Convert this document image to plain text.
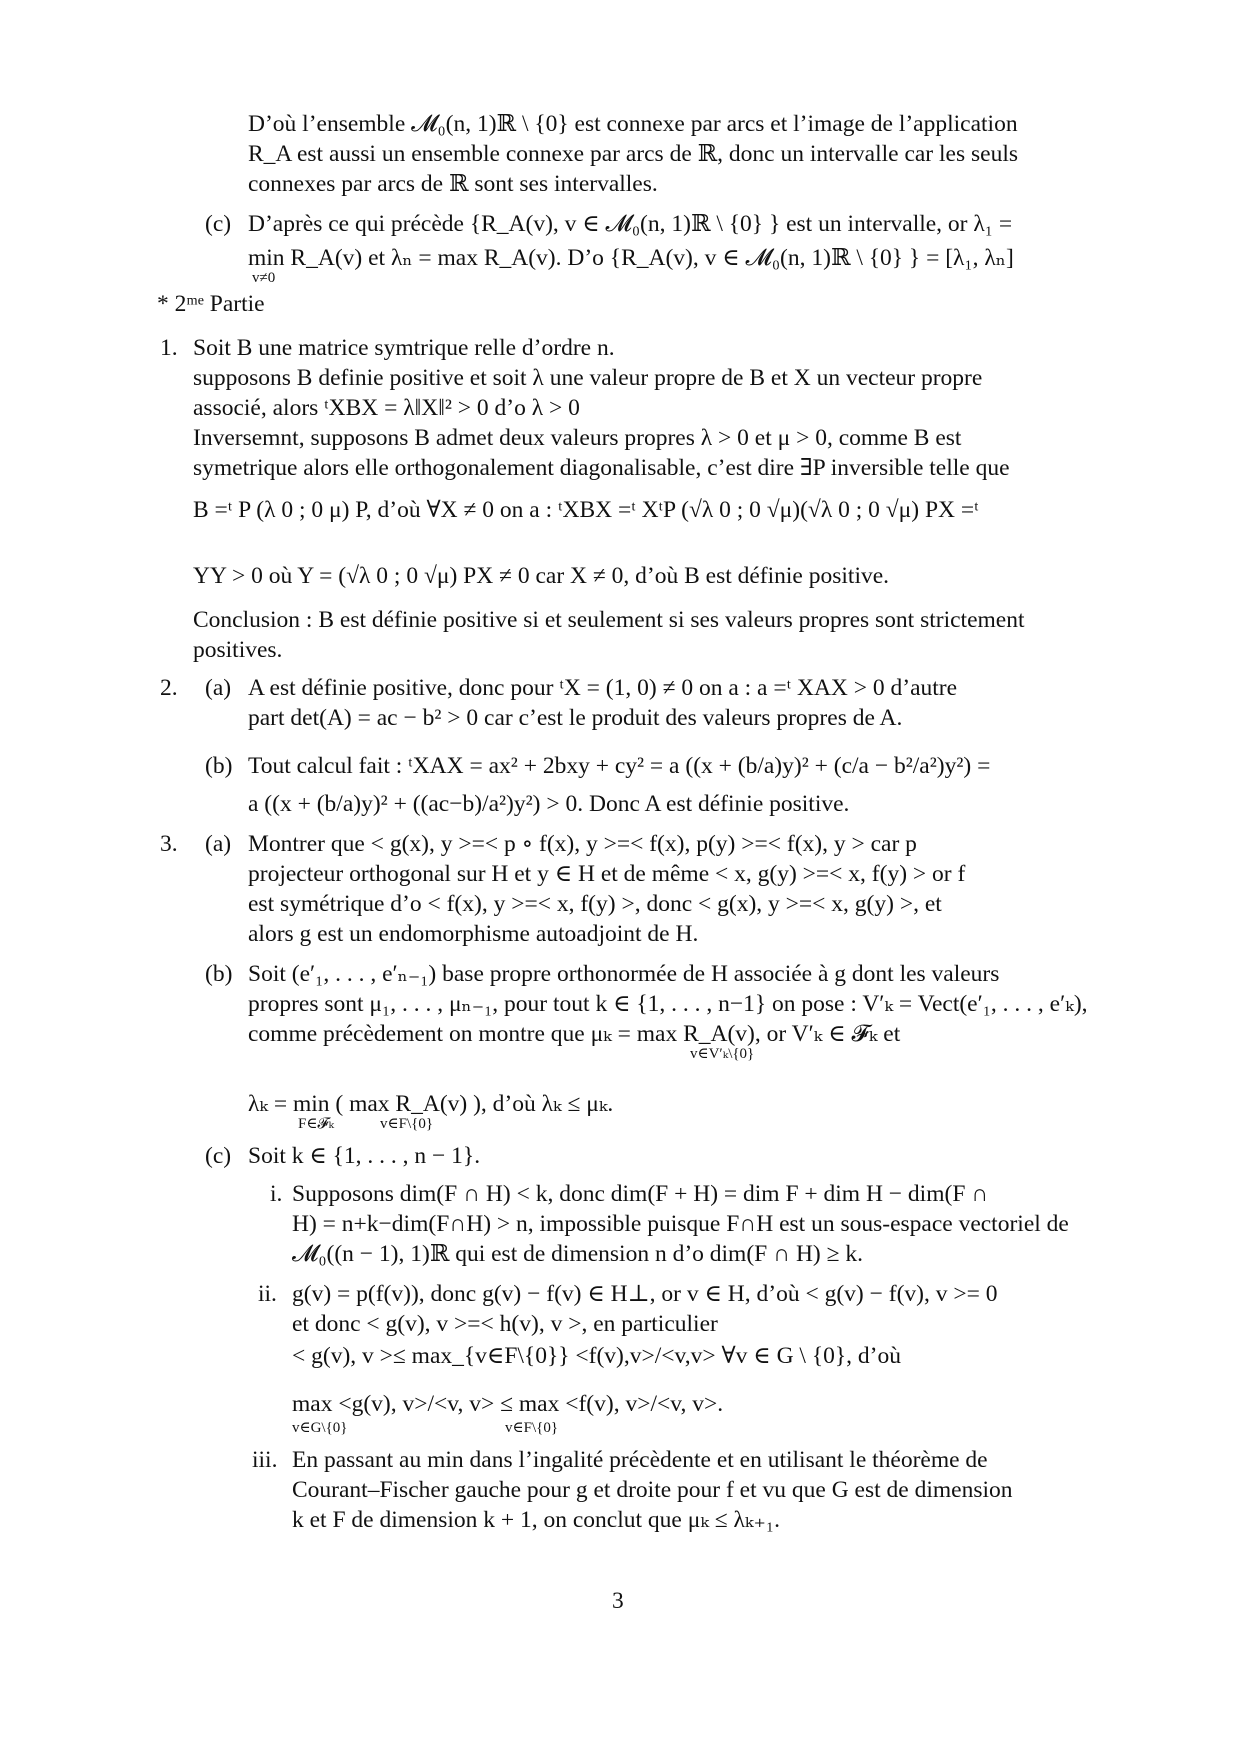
D’où l’ensemble 𝓜₀(n, 1)ℝ \ {0} est connexe par arcs et l’image de l’application
R_A est aussi un ensemble connexe par arcs de ℝ, donc un intervalle car les seuls
connexes par arcs de ℝ sont ses intervalles.
(c) D’après ce qui précède {R_A(v), v ∈ 𝓜₀(n, 1)ℝ \ {0} } est un intervalle, or λ₁ =
min R_A(v) et λₙ = max R_A(v). D’o {R_A(v), v ∈ 𝓜₀(n, 1)ℝ \ {0} } = [λ₁, λₙ]
v≠0
* 2ᵐᵉ Partie
1. Soit B une matrice symtrique relle d’ordre n.
supposons B definie positive et soit λ une valeur propre de B et X un vecteur propre
associé, alors ᵗXBX = λ‖X‖² > 0 d’o λ > 0
Inversemnt, supposons B admet deux valeurs propres λ > 0 et μ > 0, comme B est
symetrique alors elle orthogonalement diagonalisable, c’est dire ∃P inversible telle que
B =ᵗ P (λ 0 ; 0 μ) P, d’où ∀X ≠ 0 on a : ᵗXBX =ᵗ XᵗP (√λ 0 ; 0 √μ)(√λ 0 ; 0 √μ) PX =ᵗ
YY > 0 où Y = (√λ 0 ; 0 √μ) PX ≠ 0 car X ≠ 0, d’où B est définie positive.
Conclusion : B est définie positive si et seulement si ses valeurs propres sont strictement
positives.
2. (a) A est définie positive, donc pour ᵗX = (1, 0) ≠ 0 on a : a =ᵗ XAX > 0 d’autre
part det(A) = ac − b² > 0 car c’est le produit des valeurs propres de A.
(b) Tout calcul fait : ᵗXAX = ax² + 2bxy + cy² = a ((x + (b/a)y)² + (c/a − b²/a²)y²) =
a ((x + (b/a)y)² + ((ac−b)/a²)y²) > 0. Donc A est définie positive.
3. (a) Montrer que < g(x), y >=< p ∘ f(x), y >=< f(x), p(y) >=< f(x), y > car p
projecteur orthogonal sur H et y ∈ H et de même < x, g(y) >=< x, f(y) > or f
est symétrique d’o < f(x), y >=< x, f(y) >, donc < g(x), y >=< x, g(y) >, et
alors g est un endomorphisme autoadjoint de H.
(b) Soit (e′₁, . . . , e′ₙ₋₁) base propre orthonormée de H associée à g dont les valeurs
propres sont μ₁, . . . , μₙ₋₁, pour tout k ∈ {1, . . . , n−1} on pose : V′ₖ = Vect(e′₁, . . . , e′ₖ),
comme précèdement on montre que μₖ = max R_A(v), or V′ₖ ∈ 𝓕ₖ et
v∈V′ₖ\{0}
λₖ = min ( max R_A(v) ), d’où λₖ ≤ μₖ.
F∈𝓕ₖ	v∈F\{0}
(c) Soit k ∈ {1, . . . , n − 1}.
i. Supposons dim(F ∩ H) < k, donc dim(F + H) = dim F + dim H − dim(F ∩
H) = n+k−dim(F∩H) > n, impossible puisque F∩H est un sous-espace vectoriel de
𝓜₀((n − 1), 1)ℝ qui est de dimension n d’o dim(F ∩ H) ≥ k.
ii. g(v) = p(f(v)), donc g(v) − f(v) ∈ H⊥, or v ∈ H, d’où < g(v) − f(v), v >= 0
et donc < g(v), v >=< h(v), v >, en particulier
< g(v), v >≤ max_{v∈F\{0}} <f(v),v>/<v,v> ∀v ∈ G \ {0}, d’où
max <g(v), v>/<v, v> ≤ max <f(v), v>/<v, v>.
v∈G\{0}	v∈F\{0}
iii. En passant au min dans l’ingalité précèdente et en utilisant le théorème de
Courant–Fischer gauche pour g et droite pour f et vu que G est de dimension
k et F de dimension k + 1, on conclut que μₖ ≤ λₖ₊₁.
3
